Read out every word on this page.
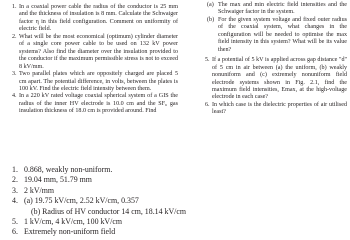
1. In a coaxial power cable the radius of the conductor is 25 mm and the thickness of insulation is 8 mm. Calculate the Schwaiger factor η in this field configuration. Comment on uniformity of electric field.

2. What will be the most economical (optimum) cylinder diameter of a single core power cable to be used on 132 kV power systems? Also find the diameter over the insulation provided to the conductor if the maximum permissible stress is not to exceed 8 kV/mm.

3. Two parallel plates which are oppositely charged are placed 5 cm apart. The potential difference, in volts, between the plates is 100 kV. Find the electric field intensity between them.

4. In a 220 kV rated voltage coaxial spherical system of a GIS the radius of the inner HV electrode is 10.0 cm and the SF₆ gas insulation thickness of 18.0 cm is provided around. Find

(a) The max and min electric field intensities and the Schwaiger factor in the system.
(b) For the given system voltage and fixed outer radius of the coaxial system, what changes in the configuration will be needed to optimise the max field intensity in this system? What will be its value then?
5. If a potential of 5 kV is applied across gap distance "d" of 5 cm in air between (a) the uniform, (b) weakly nonuniform and (c) extremely nonuniform field electrode systems shown in Fig. 2.1, find the maximum field intensities, Emax, at the high-voltage electrode in each case?

6. In which case is the dielectric properties of air utilised least?

1. 0.868, weakly non-uniform.
2. 19.04 mm, 51.79 mm
3. 2 kV/mm
4. (a) 19.75 kV/cm, 2.52 kV/cm, 0.357
(b) Radius of HV conductor 14 cm, 18.14 kV/cm
5. 1 kV/cm, 4 kV/cm, 100 kV/cm
6. Extremely non-uniform field
